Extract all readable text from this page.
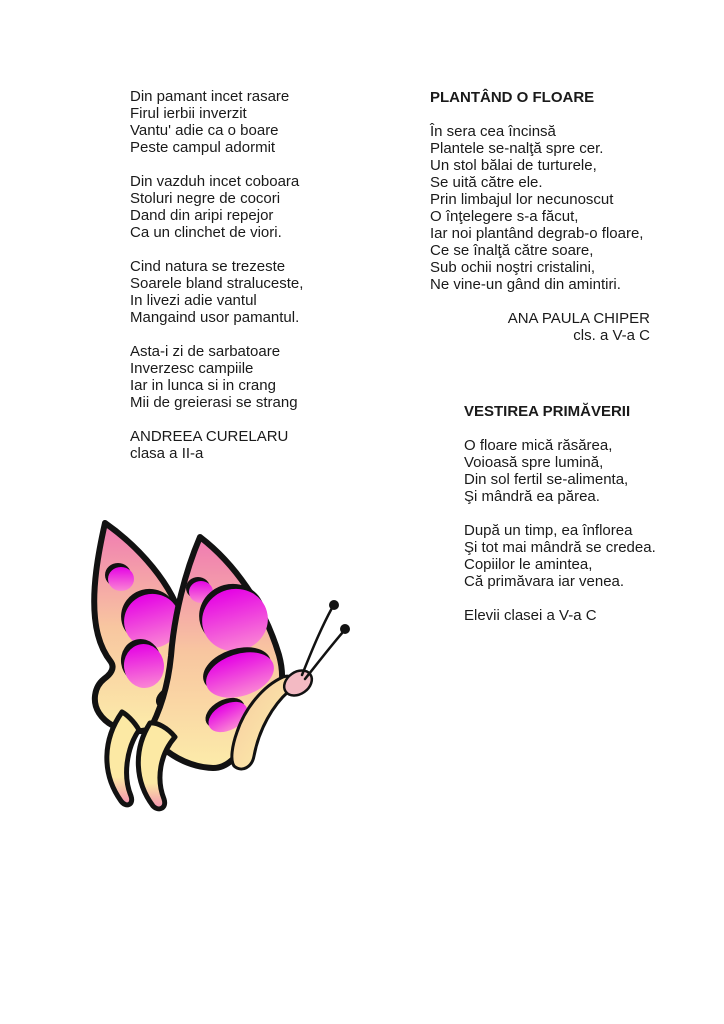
Din pamant incet rasare
Firul ierbii inverzit
Vantu' adie ca o boare
Peste campul adormit
Din vazduh incet coboara
Stoluri negre de cocori
Dand din aripi repejor
Ca un clinchet de viori.
Cind natura se trezeste
Soarele bland straluceste,
In livezi adie vantul
Mangaind usor pamantul.
Asta-i zi de sarbatoare
Inverzesc campiile
Iar in lunca si in crang
Mii de greierasi se strang
ANDREEA CURELARU
clasa a II-a
PLANTÂND O FLOARE
În sera cea încinsă
Plantele se-nalţă spre cer.
Un stol bălai de turturele,
Se uită către ele.
Prin limbajul lor necunoscut
O înţelegere s-a făcut,
Iar noi plantând degrab-o floare,
Ce se înalţă către soare,
Sub ochii noştri cristalini,
Ne vine-un gând din amintiri.
ANA PAULA CHIPER
cls. a V-a C
VESTIREA PRIMĂVERII
O floare mică răsărea,
Voioasă spre lumină,
Din sol fertil se-alimenta,
Şi mândră ea părea.
După un timp, ea înflorea
Şi tot mai mândră se credea.
Copiilor le amintea,
Că primăvara iar venea.
Elevii clasei a V-a C
